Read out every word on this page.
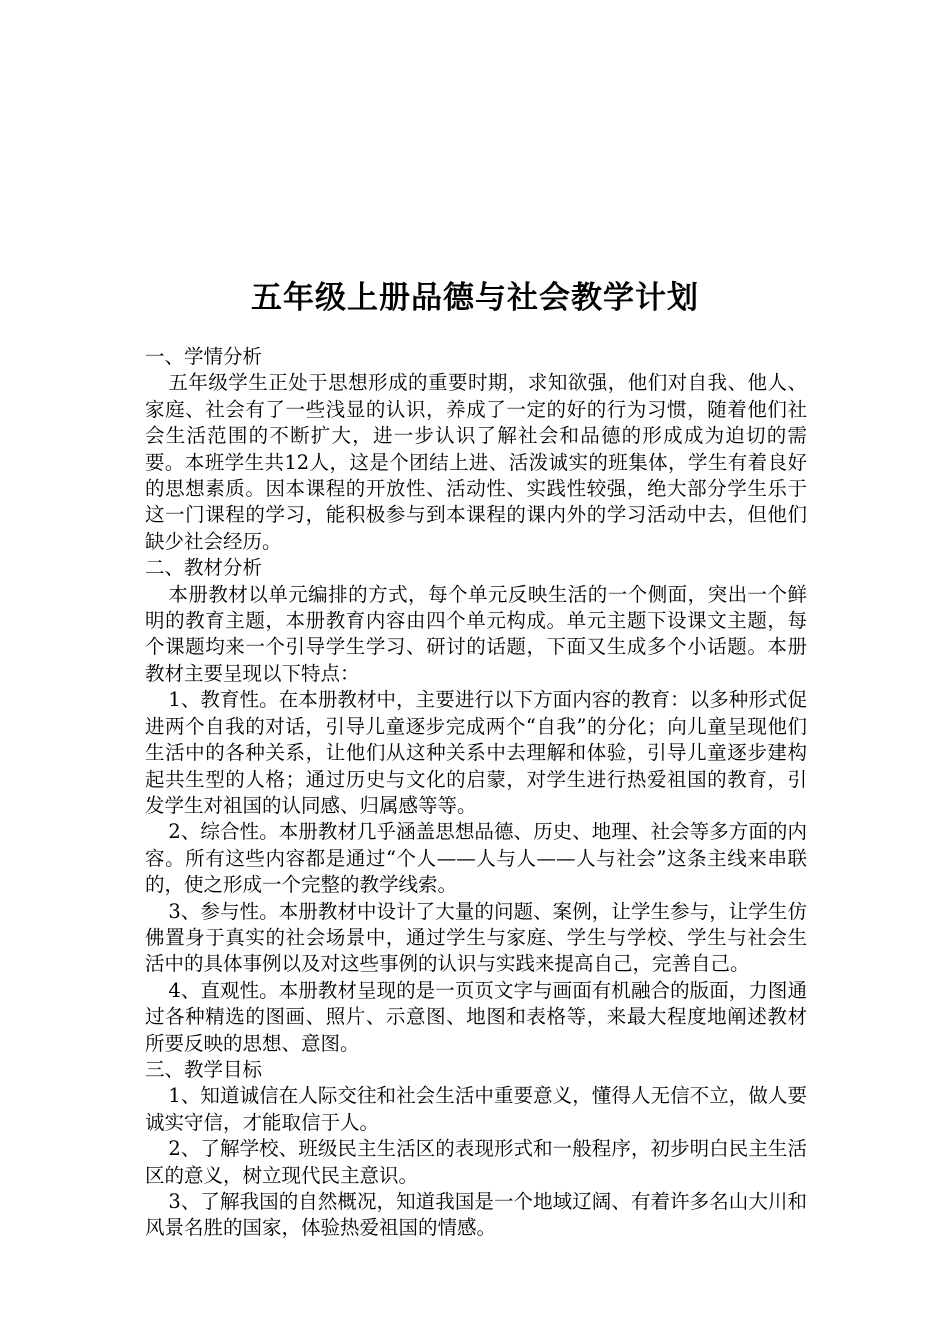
五年级上册品德与社会教学计划

一、学情分析

五年级学生正处于思想形成的重要时期，求知欲强，他们对自我、他人、家庭、社会有了一些浅显的认识，养成了一定的好的行为习惯，随着他们社会生活范围的不断扩大，进一步认识了解社会和品德的形成成为迫切的需要。本班学生共12人，这是个团结上进、活泼诚实的班集体，学生有着良好的思想素质。因本课程的开放性、活动性、实践性较强，绝大部分学生乐于这一门课程的学习，能积极参与到本课程的课内外的学习活动中去，但他们缺少社会经历。

二、教材分析

本册教材以单元编排的方式，每个单元反映生活的一个侧面，突出一个鲜明的教育主题，本册教育内容由四个单元构成。单元主题下设课文主题，每个课题均来一个引导学生学习、研讨的话题，下面又生成多个小话题。本册教材主要呈现以下特点：

1、教育性。在本册教材中，主要进行以下方面内容的教育：以多种形式促进两个自我的对话，引导儿童逐步完成两个“自我”的分化；向儿童呈现他们生活中的各种关系，让他们从这种关系中去理解和体验，引导儿童逐步建构起共生型的人格；通过历史与文化的启蒙，对学生进行热爱祖国的教育，引发学生对祖国的认同感、归属感等等。

2、综合性。本册教材几乎涵盖思想品德、历史、地理、社会等多方面的内容。所有这些内容都是通过“个人——人与人——人与社会”这条主线来串联的，使之形成一个完整的教学线索。

3、参与性。本册教材中设计了大量的问题、案例，让学生参与，让学生仿佛置身于真实的社会场景中，通过学生与家庭、学生与学校、学生与社会生活中的具体事例以及对这些事例的认识与实践来提高自己，完善自己。

4、直观性。本册教材呈现的是一页页文字与画面有机融合的版面，力图通过各种精选的图画、照片、示意图、地图和表格等，来最大程度地阐述教材所要反映的思想、意图。

三、教学目标

1、知道诚信在人际交往和社会生活中重要意义，懂得人无信不立，做人要诚实守信，才能取信于人。

2、了解学校、班级民主生活区的表现形式和一般程序，初步明白民主生活区的意义，树立现代民主意识。

3、了解我国的自然概况，知道我国是一个地域辽阔、有着许多名山大川和风景名胜的国家，体验热爱祖国的情感。
